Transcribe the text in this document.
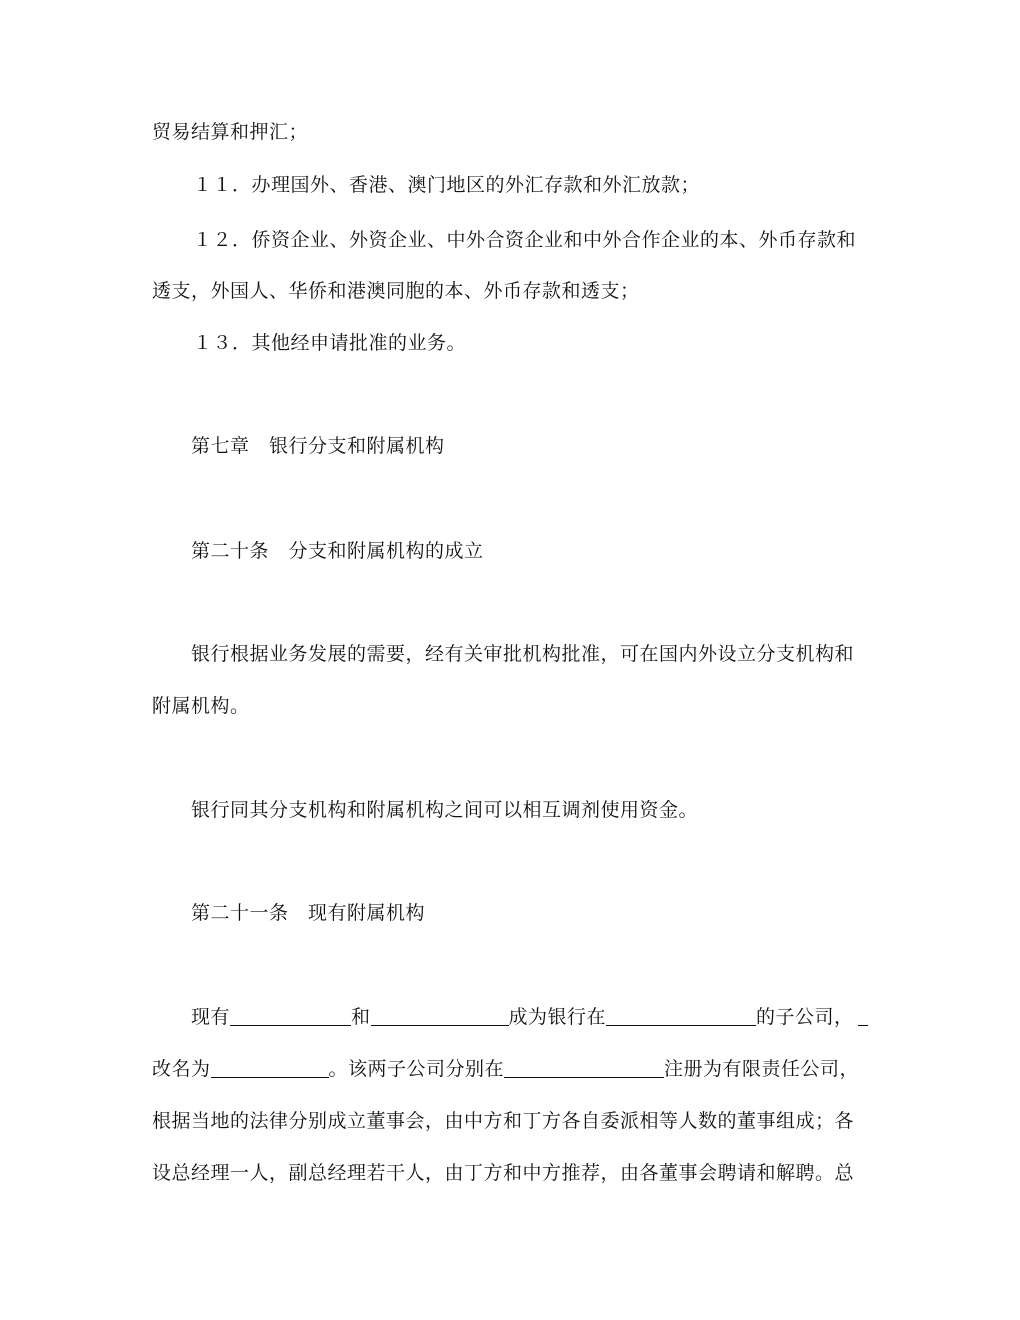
贸易结算和押汇；
１１．办理国外、香港、澳门地区的外汇存款和外汇放款；
１２．侨资企业、外资企业、中外合资企业和中外合作企业的本、外币存款和
透支，外国人、华侨和港澳同胞的本、外币存款和透支；
１３．其他经申请批准的业务。
第七章　银行分支和附属机构
第二十条　分支和附属机构的成立
银行根据业务发展的需要，经有关审批机构批准，可在国内外设立分支机构和
附属机构。
银行同其分支机构和附属机构之间可以相互调剂使用资金。
第二十一条　现有附属机构
现有	和	成为银行在	的子公司，
改名为	。该两子公司分别在	注册为有限责任公司，
根据当地的法律分别成立董事会，由中方和丁方各自委派相等人数的董事组成；各
设总经理一人，副总经理若干人，由丁方和中方推荐，由各董事会聘请和解聘。总
